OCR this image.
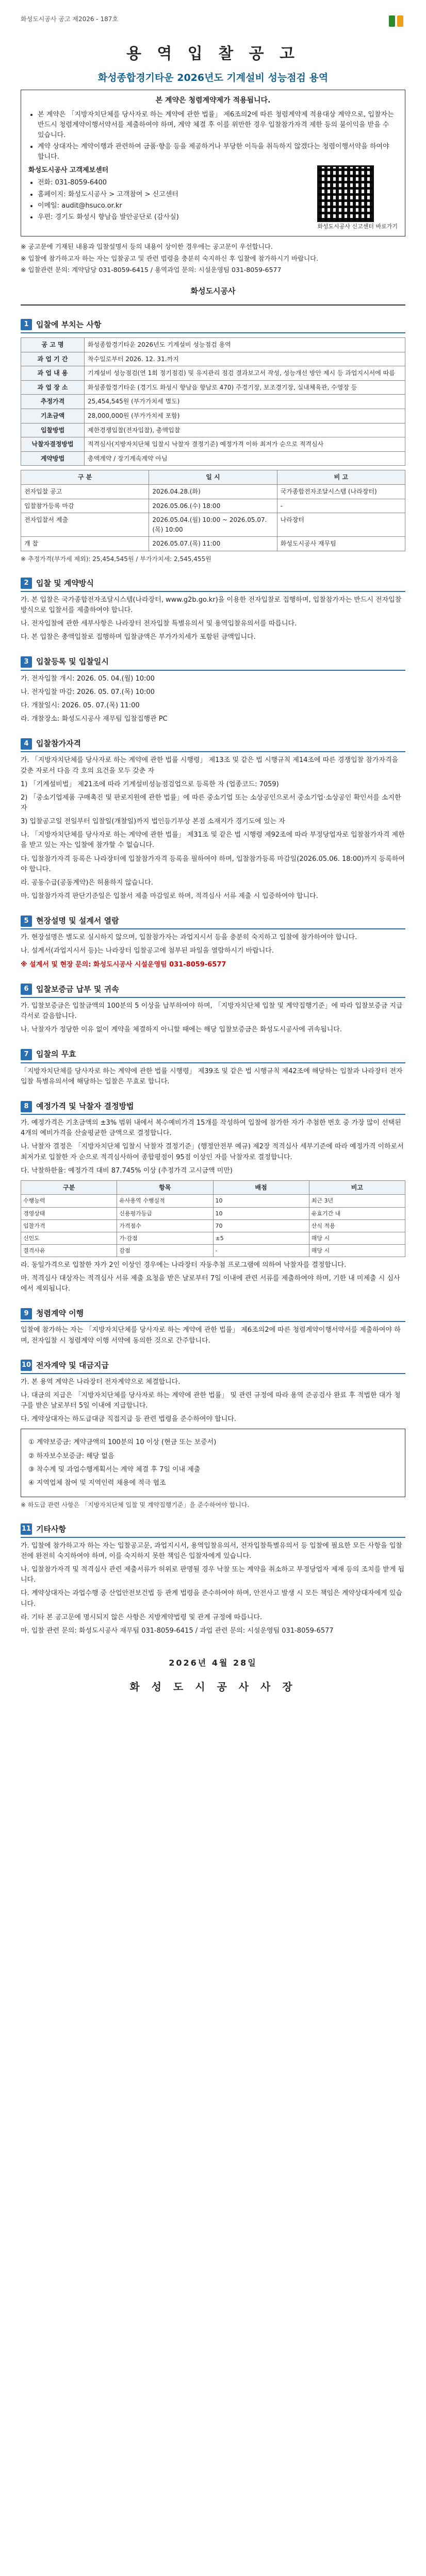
화성도시공사 공고 제2026 - 187호
용 역 입 찰 공 고
화성종합경기타운 2026년도 기계설비 성능점검 용역
본 계약은 청렴계약제가 적용됩니다.
• 본 계약은 「지방자치단체를 당사자로 하는 계약에 관한 법률」 제6조의2에 따른 청렴계약제 적용대상 계약으로, 입찰자는 반드시 청렴계약이행서약서를 제출하여야 하며, 계약 체결 후 이를 위반한 경우 입찰참가자격 제한 등의 불이익을 받을 수 있습니다.
• 계약 상대자는 계약이행과 관련하여 금품·향응 등을 제공하거나 부당한 이득을 취득하지 않겠다는 청렴이행서약을 하여야 합니다.
화성도시공사 고객제보센터
• 전화: 031-8059-6400
• 홈페이지: 화성도시공사 > 고객참여 > 신고센터
• 이메일: audit@hsuco.or.kr
• 우편: 경기도 화성시 향남읍 발안공단로 (감사실)
화성도시공사 신고센터 바로가기

※ 공고문에 기재된 내용과 입찰설명서 등의 내용이 상이한 경우에는 공고문이 우선합니다.

※ 입찰에 참가하고자 하는 자는 입찰공고 및 관련 법령을 충분히 숙지하신 후 입찰에 참가하시기 바랍니다.

※ 입찰관련 문의: 계약담당 031-8059-6415 / 용역과업 문의: 시설운영팀 031-8059-6577

화성도시공사
1 입찰에 부치는 사항
공 고 명	화성종합경기타운 2026년도 기계설비 성능점검 용역
과 업 기 간	착수일로부터 2026. 12. 31.까지
과 업 내 용	기계설비 성능점검(연 1회 정기점검) 및 유지관리 점검 결과보고서 작성, 성능개선 방안 제시 등 과업지시서에 따름
과 업 장 소	화성종합경기타운 (경기도 화성시 향남읍 향남로 470) 주경기장, 보조경기장, 실내체육관, 수영장 등
추정가격	25,454,545원 (부가가치세 별도)
기초금액	28,000,000원 (부가가치세 포함)
입찰방법	제한경쟁입찰(전자입찰), 총액입찰
낙찰자결정방법	적격심사(지방자치단체 입찰시 낙찰자 결정기준) 예정가격 이하 최저가 순으로 적격심사
계약방법	총액계약 / 장기계속계약 아님
구 분	일 시	비 고
전자입찰 공고	2026.04.28.(화)	국가종합전자조달시스템 (나라장터)
입찰참가등록 마감	2026.05.06.(수) 18:00	-
전자입찰서 제출	2026.05.04.(월) 10:00 ~ 2026.05.07.(목) 10:00	나라장터
개 찰	2026.05.07.(목) 11:00	화성도시공사 재무팀
※ 추정가격(부가세 제외): 25,454,545원 / 부가가치세: 2,545,455원
2 입찰 및 계약방식
가. 본 입찰은 국가종합전자조달시스템(나라장터, www.g2b.go.kr)을 이용한 전자입찰로 집행하며, 입찰참가자는 반드시 전자입찰 방식으로 입찰서를 제출하여야 합니다.
나. 전자입찰에 관한 세부사항은 나라장터 전자입찰 특별유의서 및 용역입찰유의서를 따릅니다.
다. 본 입찰은 총액입찰로 집행하며 입찰금액은 부가가치세가 포함된 금액입니다.
3 입찰등록 및 입찰일시
가. 전자입찰 개시: 2026. 05. 04.(월) 10:00
나. 전자입찰 마감: 2026. 05. 07.(목) 10:00
다. 개찰일시: 2026. 05. 07.(목) 11:00
라. 개찰장소: 화성도시공사 재무팀 입찰집행관 PC
4 입찰참가자격
가. 「지방자치단체를 당사자로 하는 계약에 관한 법률 시행령」 제13조 및 같은 법 시행규칙 제14조에 따른 경쟁입찰 참가자격을 갖춘 자로서 다음 각 호의 요건을 모두 갖춘 자
1) 「기계설비법」 제21조에 따라 기계설비성능점검업으로 등록한 자 (업종코드: 7059)
2) 「중소기업제품 구매촉진 및 판로지원에 관한 법률」에 따른 중소기업 또는 소상공인으로서 중소기업·소상공인 확인서를 소지한 자
3) 입찰공고일 전일부터 입찰일(개찰일)까지 법인등기부상 본점 소재지가 경기도에 있는 자
나. 「지방자치단체를 당사자로 하는 계약에 관한 법률」 제31조 및 같은 법 시행령 제92조에 따라 부정당업자로 입찰참가자격 제한을 받고 있는 자는 입찰에 참가할 수 없습니다.
다. 입찰참가자격 등록은 나라장터에 입찰참가자격 등록을 필하여야 하며, 입찰참가등록 마감일(2026.05.06. 18:00)까지 등록하여야 합니다.
라. 공동수급(공동계약)은 허용하지 않습니다.
마. 입찰참가자격 판단기준일은 입찰서 제출 마감일로 하며, 적격심사 서류 제출 시 입증하여야 합니다.
5 현장설명 및 설계서 열람
가. 현장설명은 별도로 실시하지 않으며, 입찰참가자는 과업지시서 등을 충분히 숙지하고 입찰에 참가하여야 합니다.
나. 설계서(과업지시서 등)는 나라장터 입찰공고에 첨부된 파일을 열람하시기 바랍니다.
※ 설계서 및 현장 문의: 화성도시공사 시설운영팀 031-8059-6577
6 입찰보증금 납부 및 귀속
가. 입찰보증금은 입찰금액의 100분의 5 이상을 납부하여야 하며, 「지방자치단체 입찰 및 계약집행기준」에 따라 입찰보증금 지급각서로 갈음합니다.
나. 낙찰자가 정당한 이유 없이 계약을 체결하지 아니할 때에는 해당 입찰보증금은 화성도시공사에 귀속됩니다.
7 입찰의 무효
「지방자치단체를 당사자로 하는 계약에 관한 법률 시행령」 제39조 및 같은 법 시행규칙 제42조에 해당하는 입찰과 나라장터 전자입찰 특별유의서에 해당하는 입찰은 무효로 합니다.
8 예정가격 및 낙찰자 결정방법
가. 예정가격은 기초금액의 ±3% 범위 내에서 복수예비가격 15개를 작성하여 입찰에 참가한 자가 추첨한 번호 중 가장 많이 선택된 4개의 예비가격을 산술평균한 금액으로 결정합니다.
나. 낙찰자 결정은 「지방자치단체 입찰시 낙찰자 결정기준」(행정안전부 예규) 제2장 적격심사 세부기준에 따라 예정가격 이하로서 최저가로 입찰한 자 순으로 적격심사하여 종합평점이 95점 이상인 자를 낙찰자로 결정합니다.
다. 낙찰하한율: 예정가격 대비 87.745% 이상 (추정가격 고시금액 미만)
구분	항목	배점	비고
수행능력	유사용역 수행실적	10	최근 3년
경영상태	신용평가등급	10	유효기간 내
입찰가격	가격점수	70	산식 적용
신인도	가·감점	±5	해당 시
결격사유	감점	-	해당 시
라. 동일가격으로 입찰한 자가 2인 이상인 경우에는 나라장터 자동추첨 프로그램에 의하여 낙찰자를 결정합니다.
마. 적격심사 대상자는 적격심사 서류 제출 요청을 받은 날로부터 7일 이내에 관련 서류를 제출하여야 하며, 기한 내 미제출 시 심사에서 제외됩니다.
9 청렴계약 이행
입찰에 참가하는 자는 「지방자치단체를 당사자로 하는 계약에 관한 법률」 제6조의2에 따른 청렴계약이행서약서를 제출하여야 하며, 전자입찰 시 청렴계약 이행 서약에 동의한 것으로 간주합니다.
10 전자계약 및 대금지급
가. 본 용역 계약은 나라장터 전자계약으로 체결합니다.
나. 대금의 지급은 「지방자치단체를 당사자로 하는 계약에 관한 법률」 및 관련 규정에 따라 용역 준공검사 완료 후 적법한 대가 청구를 받은 날로부터 5일 이내에 지급합니다.
다. 계약상대자는 하도급대금 직접지급 등 관련 법령을 준수하여야 합니다.
① 계약보증금: 계약금액의 100분의 10 이상 (현금 또는 보증서)
② 하자보수보증금: 해당 없음
③ 착수계 및 과업수행계획서는 계약 체결 후 7일 이내 제출
④ 지역업체 참여 및 지역인력 채용에 적극 협조
※ 하도급 관련 사항은 「지방자치단체 입찰 및 계약집행기준」을 준수하여야 합니다.
11 기타사항
가. 입찰에 참가하고자 하는 자는 입찰공고문, 과업지시서, 용역입찰유의서, 전자입찰특별유의서 등 입찰에 필요한 모든 사항을 입찰 전에 완전히 숙지하여야 하며, 이를 숙지하지 못한 책임은 입찰자에게 있습니다.
나. 입찰참가자격 및 적격심사 관련 제출서류가 허위로 판명될 경우 낙찰 또는 계약을 취소하고 부정당업자 제재 등의 조치를 받게 됩니다.
다. 계약상대자는 과업수행 중 산업안전보건법 등 관계 법령을 준수하여야 하며, 안전사고 발생 시 모든 책임은 계약상대자에게 있습니다.
라. 기타 본 공고문에 명시되지 않은 사항은 지방계약법령 및 관계 규정에 따릅니다.
마. 입찰 관련 문의: 화성도시공사 재무팀 031-8059-6415 / 과업 관련 문의: 시설운영팀 031-8059-6577
2026년 4월 28일
화 성 도 시 공 사 사 장
